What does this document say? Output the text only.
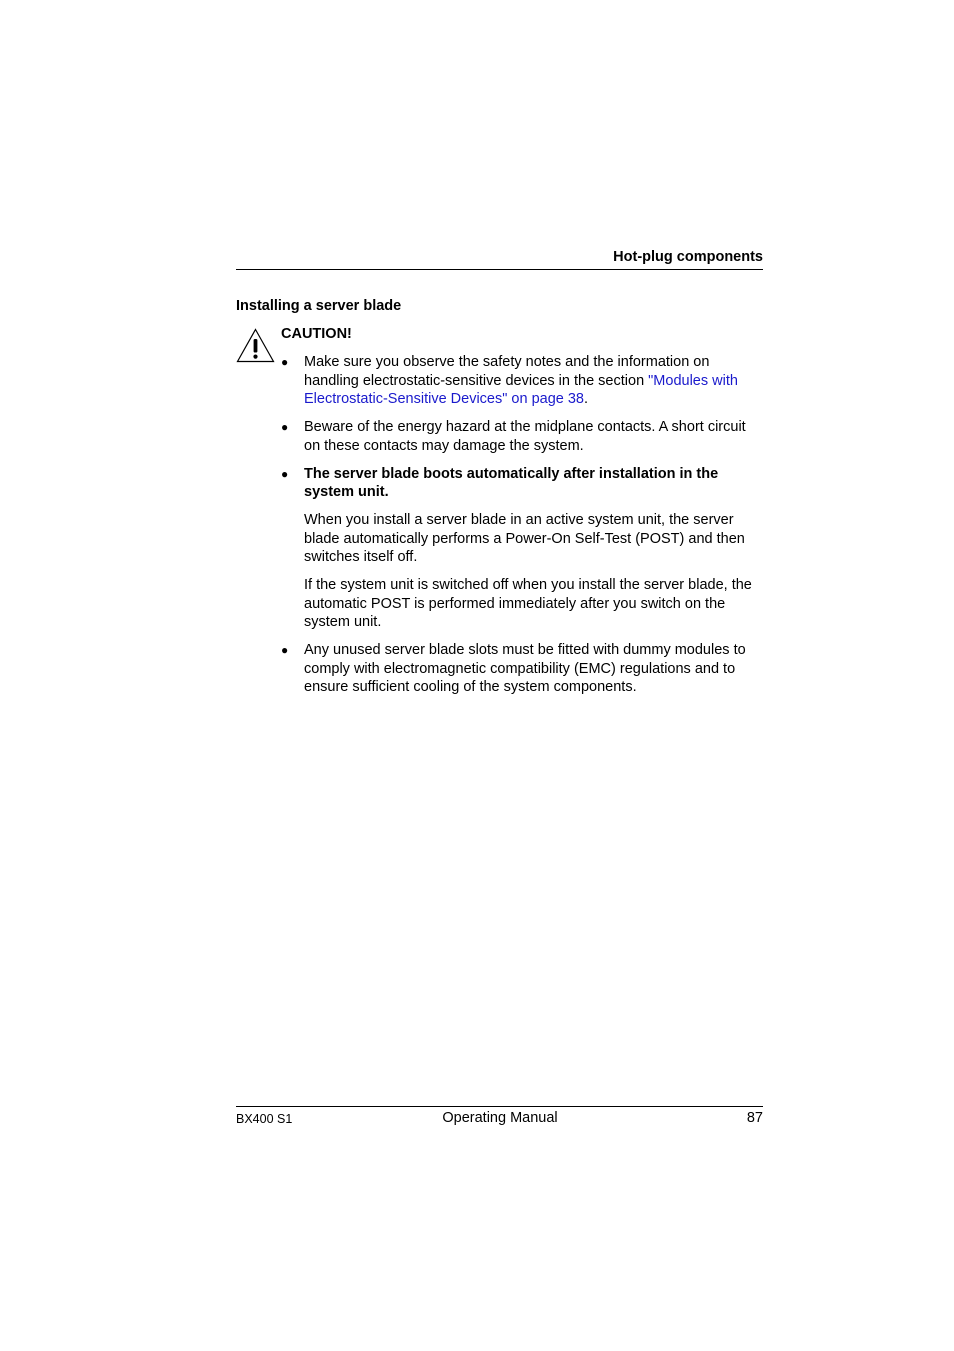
Hot-plug components
Installing a server blade
CAUTION!
● Make sure you observe the safety notes and the information on handling electrostatic-sensitive devices in the section "Modules with Electrostatic-Sensitive Devices" on page 38.

● Beware of the energy hazard at the midplane contacts. A short circuit on these contacts may damage the system.

● The server blade boots automatically after installation in the system unit.

When you install a server blade in an active system unit, the server blade automatically performs a Power-On Self-Test (POST) and then switches itself off.

If the system unit is switched off when you install the server blade, the automatic POST is performed immediately after you switch on the system unit.

● Any unused server blade slots must be fitted with dummy modules to comply with electromagnetic compatibility (EMC) regulations and to ensure sufficient cooling of the system components.

BX400 S1	Operating Manual	87
